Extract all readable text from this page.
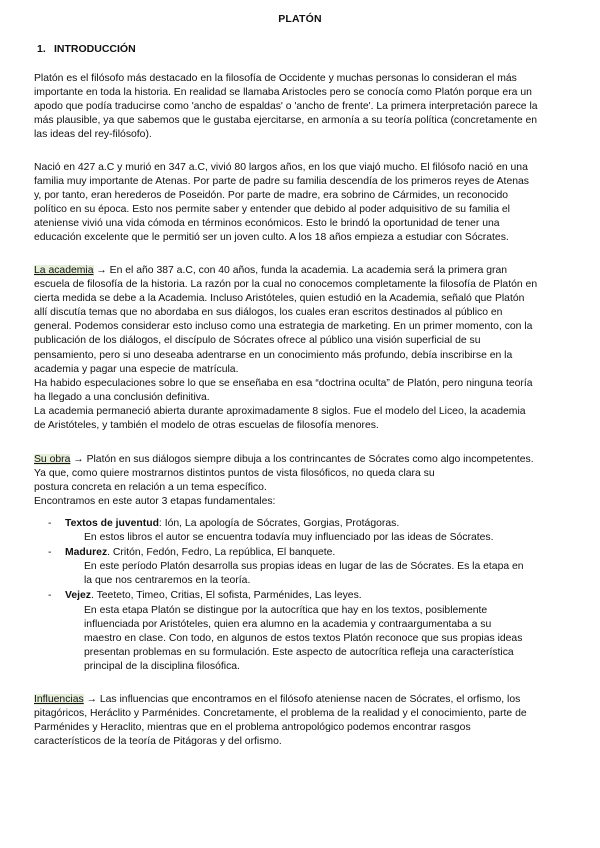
PLATÓN
1. INTRODUCCIÓN
Platón es el filósofo más destacado en la filosofía de Occidente y muchas personas lo consideran el más
importante en toda la historia. En realidad se llamaba Aristocles pero se conocía como Platón porque era un
apodo que podía traducirse como 'ancho de espaldas' o 'ancho de frente'. La primera interpretación parece la
más plausible, ya que sabemos que le gustaba ejercitarse, en armonía a su teoría política (concretamente en
las ideas del rey-filósofo).
Nació en 427 a.C y murió en 347 a.C, vivió 80 largos años, en los que viajó mucho. El filósofo nació en una
familia muy importante de Atenas. Por parte de padre su familia descendía de los primeros reyes de Atenas
y, por tanto, eran herederos de Poseidón. Por parte de madre, era sobrino de Cármides, un reconocido
político en su época. Esto nos permite saber y entender que debido al poder adquisitivo de su familia el
ateniense vivió una vida cómoda en términos económicos. Esto le brindó la oportunidad de tener una
educación excelente que le permitió ser un joven culto. A los 18 años empieza a estudiar con Sócrates.
La academia → En el año 387 a.C, con 40 años, funda la academia. La academia será la primera gran
escuela de filosofía de la historia. La razón por la cual no conocemos completamente la filosofía de Platón en
cierta medida se debe a la Academia. Incluso Aristóteles, quien estudió en la Academia, señaló que Platón
allí discutía temas que no abordaba en sus diálogos, los cuales eran escritos destinados al público en
general. Podemos considerar esto incluso como una estrategia de marketing. En un primer momento, con la
publicación de los diálogos, el discípulo de Sócrates ofrece al público una visión superficial de su
pensamiento, pero si uno deseaba adentrarse en un conocimiento más profundo, debía inscribirse en la
academia y pagar una especie de matrícula.
Ha habido especulaciones sobre lo que se enseñaba en esa “doctrina oculta” de Platón, pero ninguna teoría
ha llegado a una conclusión definitiva.
La academia permaneció abierta durante aproximadamente 8 siglos. Fue el modelo del Liceo, la academia
de Aristóteles, y también el modelo de otras escuelas de filosofía menores.
Su obra → Platón en sus diálogos siempre dibuja a los contrincantes de Sócrates como algo incompetentes.
Ya que, como quiere mostrarnos distintos puntos de vista filosóficos, no queda clara su
postura concreta en relación a un tema específico.
Encontramos en este autor 3 etapas fundamentales:
- Textos de juventud: Ión, La apología de Sócrates, Gorgias, Protágoras.
En estos libros el autor se encuentra todavía muy influenciado por las ideas de Sócrates.
- Madurez. Critón, Fedón, Fedro, La república, El banquete.
En este período Platón desarrolla sus propias ideas en lugar de las de Sócrates. Es la etapa en
la que nos centraremos en la teoría.
- Vejez. Teeteto, Timeo, Critias, El sofista, Parménides, Las leyes.
En esta etapa Platón se distingue por la autocrítica que hay en los textos, posiblemente
influenciada por Aristóteles, quien era alumno en la academia y contraargumentaba a su
maestro en clase. Con todo, en algunos de estos textos Platón reconoce que sus propias ideas
presentan problemas en su formulación. Este aspecto de autocrítica refleja una característica
principal de la disciplina filosófica.
Influencias → Las influencias que encontramos en el filósofo ateniense nacen de Sócrates, el orfismo, los
pitagóricos, Heráclito y Parménides. Concretamente, el problema de la realidad y el conocimiento, parte de
Parménides y Heraclito, mientras que en el problema antropológico podemos encontrar rasgos
característicos de la teoría de Pitágoras y del orfismo.
